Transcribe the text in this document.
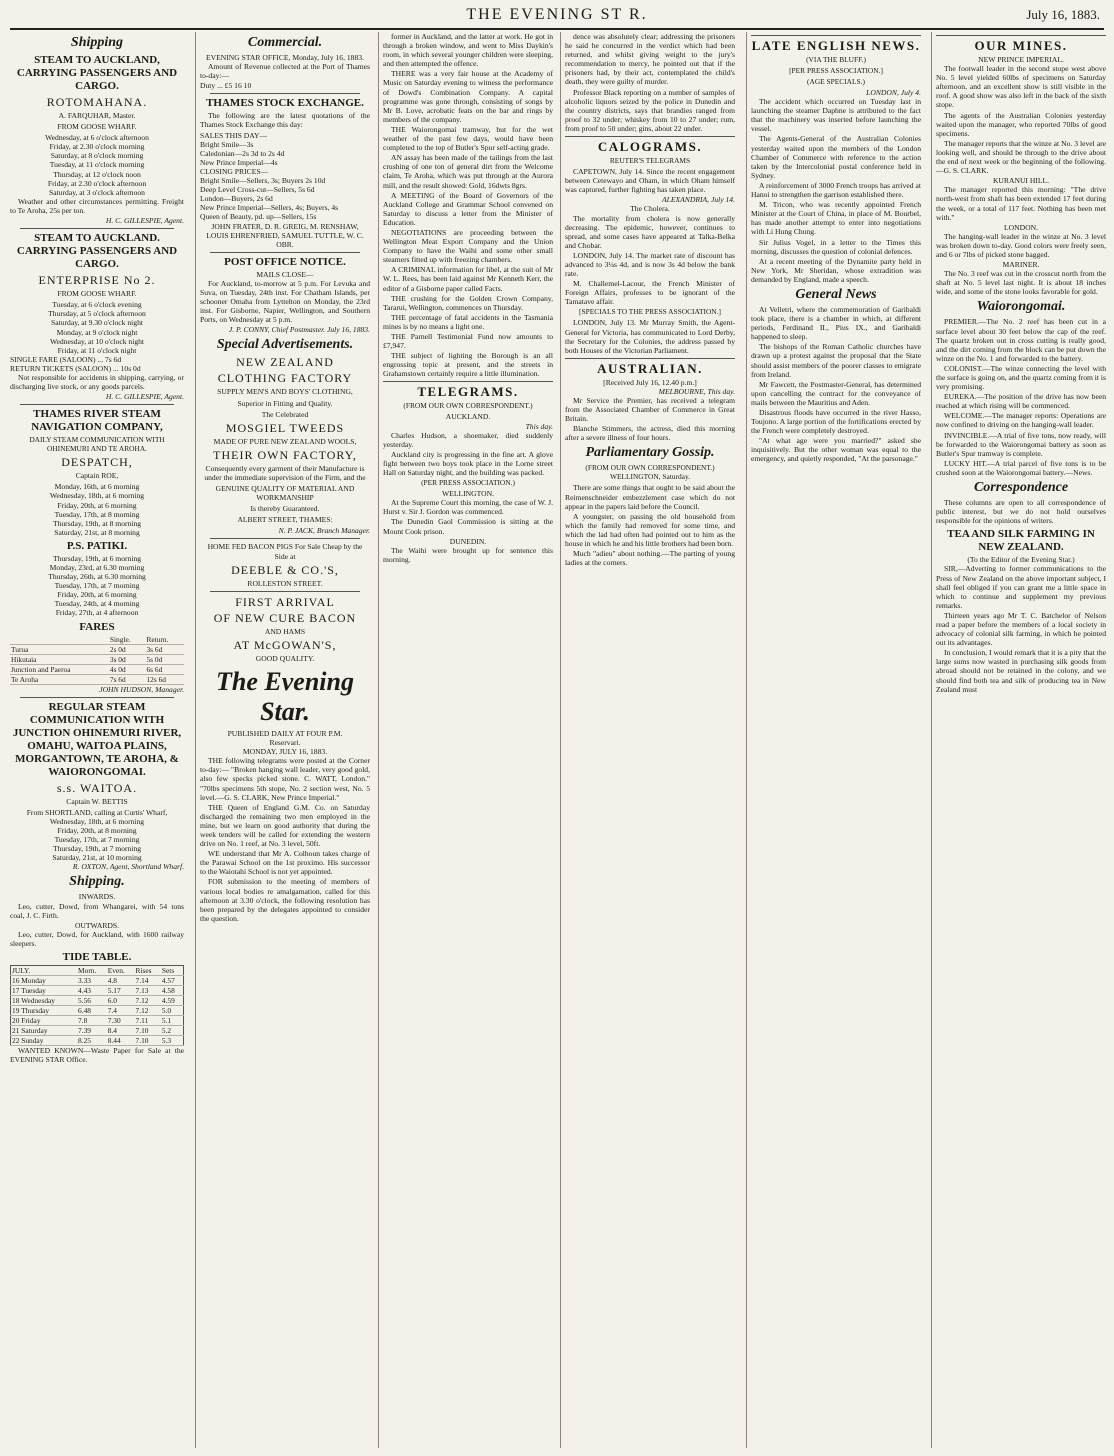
THE EVENING ST R.	July 16, 1883.
Shipping
STEAM TO AUCKLAND, CARRYING PASSENGERS AND CARGO.
ROTOMAHANA.
A. FARQUHAR, Master.
FROM GOOSE WHARF.
Wednesday, at 6 o'clock afternoon
Friday, at 2.30 o'clock morning
Saturday, at 8 o'clock morning
Tuesday, at 11 o'clock morning
Thursday, at 12 o'clock noon
Friday, at 2.30 o'clock afternoon
Saturday, at 3 o'clock afternoon
Weather and other circumstances permitting. Freight to Te Aroha, 25s per ton.
H. C. GILLESPIE, Agent.
STEAM TO AUCKLAND. CARRYING PASSENGERS AND CARGO.
ENTERPRISE No 2.
FROM GOOSE WHARF.
Tuesday, at 6 o'clock evening
Thursday, at 5 o'clock afternoon
Saturday, at 9.30 o'clock night
Monday, at 9 o'clock night
Wednesday, at 10 o'clock night
Friday, at 11 o'clock night
SINGLE FARE (SALOON) ... 7s 6d
RETURN TICKETS (SALOON) ... 10s 0d
Not responsible for accidents in shipping, carrying, or discharging live stock, or any goods parcels.
H. C. GILLESPIE, Agent.
THAMES RIVER STEAM NAVIGATION COMPANY,
DAILY STEAM COMMUNICATION WITH OHINEMURI AND TE AROHA.
DESPATCH,
Captain ROE,
Monday, 16th, at 6 morning
Wednesday, 18th, at 6 morning
Friday, 20th, at 6 morning
Tuesday, 17th, at 8 morning
Thursday, 19th, at 8 morning
Saturday, 21st, at 8 morning
P.S. PATIKI.
Thursday, 19th, at 6 morning
Monday, 23rd, at 6.30 morning
Thursday, 26th, at 6.30 morning
Tuesday, 17th, at 7 morning
Friday, 20th, at 6 morning
Tuesday, 24th, at 4 morning
Friday, 27th, at 4 afternoon
FARES
	Single.	Return.
Turua	2s 0d	3s 6d
Hikutaia	3s 0d	5s 0d
Junction and Paeroa	4s 0d	6s 6d
Te Aroha	7s 6d	12s 6d
JOHN HUDSON, Manager.
REGULAR STEAM COMMUNICATION WITH JUNCTION OHINEMURI RIVER, OMAHU, WAITOA PLAINS, MORGANTOWN, TE AROHA, & WAIORONGOMAI.
s.s. WAITOA.
Captain W. BETTIS
From SHORTLAND, calling at Curtis' Wharf,
Wednesday, 18th, at 6 morning
Friday, 20th, at 8 morning
Tuesday, 17th, at 7 morning
Thursday, 19th, at 7 morning
Saturday, 21st, at 10 morning
R. OXTON, Agent, Shortland Wharf.
Shipping.
INWARDS.
Leo, cutter, Dowd, from Whangarei, with 54 tons coal, J. C. Firth.
OUTWARDS.
Leo, cutter, Dowd, for Auckland, with 1600 railway sleepers.
TIDE TABLE.
JULY.	Morn.	Even.	Rises	Sets
16 Monday	3.33	4.8	7.14	4.57
17 Tuesday	4.43	5.17	7.13	4.58
18 Wednesday	5.56	6.0	7.12	4.59
19 Thursday	6.48	7.4	7.12	5.0
20 Friday	7.8	7.30	7.11	5.1
21 Saturday	7.39	8.4	7.10	5.2
22 Sunday	8.25	8.44	7.10	5.3
WANTED KNOWN—Waste Paper for Sale at the EVENING STAR Office.
Commercial.
EVENING STAR OFFICE, Monday, July 16, 1883.
Amount of Revenue collected at the Port of Thames to-day:—
Duty ... £5 16 10
THAMES STOCK EXCHANGE.
The following are the latest quotations of the Thames Stock Exchange this day:
SALES THIS DAY—
Bright Smile—3s
Caledonian—2s 3d to 2s 4d
New Prince Imperial—4s
CLOSING PRICES—
Bright Smile—Sellers, 3s; Buyers 2s 10d
Deep Level Cross-cut—Sellers, 5s 6d
London—Buyers, 2s 6d
New Prince Imperial—Sellers, 4s; Buyers, 4s
Queen of Beauty, pd. up—Sellers, 15s
JOHN FRATER, D. R. GREIG, M. RENSHAW, LOUIS EHRENFRIED, SAMUEL TUTTLE, W. C. OBR.
POST OFFICE NOTICE.
MAILS CLOSE—
For Auckland, to-morrow at 5 p.m. For Levuka and Suva, on Tuesday, 24th inst. For Chatham Islands, per schooner Omaha from Lyttelton on Monday, the 23rd inst. For Gisborne, Napier, Wellington, and Southern Ports, on Wednesday at 5 p.m.
J. P. CONNY, Chief Postmaster. July 16, 1883.
Special Advertisements.
NEW ZEALAND
CLOTHING FACTORY
SUPPLY MEN'S AND BOYS' CLOTHING,
Superior in Fitting and Quality.
The Celebrated
MOSGIEL TWEEDS
MADE OF PURE NEW ZEALAND WOOLS,
THEIR OWN FACTORY,
Consequently every garment of their Manufacture is under the immediate supervision of the Firm, and the
GENUINE QUALITY OF MATERIAL AND WORKMANSHIP
Is thereby Guaranteed.
ALBERT STREET, THAMES:
N. P. JACK, Branch Manager.
HOME FED BACON PIGS For Sale Cheap by the Side at
DEEBLE & CO.'S,
ROLLESTON STREET.
FIRST ARRIVAL
OF NEW CURE BACON
AND HAMS
AT McGOWAN'S,
GOOD QUALITY.
The Evening Star.
PUBLISHED DAILY AT FOUR P.M.
Reservari.
MONDAY, JULY 16, 1883.
THE following telegrams were posted at the Corner to-day:— "Broken hanging wall leader, very good gold, also few specks picked stone. C. WATT, London." "70lbs specimens 5th stope, No. 2 section west, No. 5 level.—G. S. CLARK, New Prince Imperial."
THE Queen of England G.M. Co. on Saturday discharged the remaining two men employed in the mine, but we learn on good authority that during the week tenders will be called for extending the western drive on No. 1 reef, at No. 3 level, 50ft.
WE understand that Mr A. Colhoun takes charge of the Parawai School on the 1st proximo. His successor to the Waiotahi School is not yet appointed.
FOR submission to the meeting of members of various local bodies re amalgamation, called for this afternoon at 3.30 o'clock, the following resolution has been prepared by the delegates appointed to consider the question.
former in Auckland, and the latter at work. He got in through a broken window, and went to Miss Daykin's room, in which several younger children were sleeping, and then attempted the offence.
THERE was a very fair house at the Academy of Music on Saturday evening to witness the performance of Dowd's Combination Company. A capital programme was gone through, consisting of songs by Mr B. Love, acrobatic feats on the bar and rings by members of the company.
THE Waiorongomai tramway, but for the wet weather of the past few days, would have been completed to the top of Butler's Spur self-acting grade.
AN assay has been made of the tailings from the last crushing of one ton of general dirt from the Welcome claim, Te Aroha, which was put through at the Aurora mill, and the result showed: Gold, 16dwts 8grs.
A MEETING of the Board of Governors of the Auckland College and Grammar School convened on Saturday to discuss a letter from the Minister of Education.
NEGOTIATIONS are proceeding between the Wellington Meat Export Company and the Union Company to have the Waihi and some other small steamers fitted up with freezing chambers.
A CRIMINAL information for libel, at the suit of Mr W. L. Rees, has been laid against Mr Kenneth Kerr, the editor of a Gisborne paper called Facts.
THE crushing for the Golden Crown Company, Tararui, Wellington, commences on Thursday.
THE percentage of fatal accidents in the Tasmania mines is by no means a light one.
THE Parnell Testimonial Fund now amounts to £7,947.
THE subject of lighting the Borough is an all engrossing topic at present, and the streets in Grahamstown certainly require a little illumination.
TELEGRAMS.
(FROM OUR OWN CORRESPONDENT.)
AUCKLAND.
This day.
Charles Hudson, a shoemaker, died suddenly yesterday.
Auckland city is progressing in the fine art. A glove fight between two boys took place in the Lorne street Hall on Saturday night, and the building was packed.
(PER PRESS ASSOCIATION.)
WELLINGTON.
At the Supreme Court this morning, the case of W. J. Hurst v. Sir J. Gordon was commenced.
The Dunedin Gaol Commission is sitting at the Mount Cook prison.
DUNEDIN.
The Waihi were brought up for sentence this morning.
dence was absolutely clear; addressing the prisoners he said he concurred in the verdict which had been returned, and whilst giving weight to the jury's recommendation to mercy, he pointed out that if the prisoners had, by their act, contemplated the child's death, they were guilty of murder.
Professor Black reporting on a number of samples of alcoholic liquors seized by the police in Dunedin and the country districts, says that brandies ranged from proof to 32 under; whiskey from 10 to 27 under; rum, from proof to 50 under; gins, about 22 under.
CALOGRAMS.
REUTER'S TELEGRAMS
CAPETOWN, July 14. Since the recent engagement between Cetewayo and Oham, in which Oham himself was captured, further fighting has taken place.
ALEXANDRIA, July 14.
The Cholera.
The mortality from cholera is now generally decreasing. The epidemic, however, continues to spread, and some cases have appeared at Talka-Belka and Chobar.
LONDON, July 14. The market rate of discount has advanced to 3¼s 4d, and is now 3s 4d below the bank rate.
M. Challemel-Lacour, the French Minister of Foreign Affairs, professes to be ignorant of the Tamatave affair.
[SPECIALS TO THE PRESS ASSOCIATION.]
LONDON, July 13. Mr Murray Smith, the Agent-General for Victoria, has communicated to Lord Derby, the Secretary for the Colonies, the address passed by both Houses of the Victorian Parliament.
AUSTRALIAN.
[Received July 16, 12.40 p.m.]
MELBOURNE, This day.
Mr Service the Premier, has received a telegram from the Associated Chamber of Commerce in Great Britain.
Blanche Stimmers, the actress, died this morning after a severe illness of four hours.
Parliamentary Gossip.
(FROM OUR OWN CORRESPONDENT.) WELLINGTON, Saturday.
There are some things that ought to be said about the Reimenschneider embezzlement case which do not appear in the papers laid before the Council.
A youngster, on passing the old household from which the family had removed for some time, and which the lad had often had pointed out to him as the house in which he and his little brothers had been born.
Much "adieu" about nothing.—The parting of young ladies at the corners.
LATE ENGLISH NEWS.
(VIA THE BLUFF.)
[PER PRESS ASSOCIATION.]
(AGE SPECIALS.)
LONDON, July 4.
The accident which occurred on Tuesday last in launching the steamer Daphne is attributed to the fact that the machinery was inserted before launching the vessel.
The Agents-General of the Australian Colonies yesterday waited upon the members of the London Chamber of Commerce with reference to the action taken by the Intercolonial postal conference held in Sydney.
A reinforcement of 3000 French troops has arrived at Hanoi to strengthen the garrison established there.
M. Tricon, who was recently appointed French Minister at the Court of China, in place of M. Bourbel, has made another attempt to enter into negotiations with Li Hung Chung.
Sir Julius Vogel, in a letter to the Times this morning, discusses the question of colonial defences.
At a recent meeting of the Dynamite party held in New York, Mr Sheridan, whose extradition was demanded by England, made a speech.
General News
At Velletri, where the commemoration of Garibaldi took place, there is a chamber in which, at different periods, Ferdinand II., Pius IX., and Garibaldi happened to sleep.
The bishops of the Roman Catholic churches have drawn up a protest against the proposal that the State should assist members of the poorer classes to emigrate from Ireland.
Mr Fawcett, the Postmaster-General, has determined upon cancelling the contract for the conveyance of mails between the Mauritius and Aden.
Disastrous floods have occurred in the river Hasso, Toujono. A large portion of the fortifications erected by the French were completely destroyed.
"At what age were you married?" asked she inquisitively. But the other woman was equal to the emergency, and quietly responded, "At the parsonage."
OUR MINES.
NEW PRINCE IMPERIAL.
The footwall leader in the second stope west above No. 5 level yielded 60lbs of specimens on Saturday afternoon, and an excellent show is still visible in the roof. A good show was also left in the back of the sixth stope.
The agents of the Australian Colonies yesterday waited upon the manager, who reported 70lbs of good specimens.
The manager reports that the winze at No. 3 level are looking well, and should be through to the drive about the end of next week or the beginning of the following.—G. S. CLARK.
KURANUI HILL.
The manager reported this morning: "The drive north-west from shaft has been extended 17 feet during the week, or a total of 117 feet. Nothing has been met with."
LONDON.
The hanging-wall leader in the winze at No. 3 level was broken down to-day. Good colors were freely seen, and 6 or 7lbs of picked stone bagged.
MARINER.
The No. 3 reef was cut in the crosscut north from the shaft at No. 5 level last night. It is about 18 inches wide, and some of the stone looks favorable for gold.
Waiorongomai.
PREMIER.—The No. 2 reef has been cut in a surface level about 30 feet below the cap of the reef. The quartz broken out in cross cutting is really good, and the dirt coming from the block can be put down the winze on the No. 1 and forwarded to the battery.
COLONIST.—The winze connecting the level with the surface is going on, and the quartz coming from it is very promising.
EUREKA.—The position of the drive has now been reached at which rising will be commenced.
WELCOME.—The manager reports: Operations are now confined to driving on the hanging-wall leader.
INVINCIBLE.—A trial of five tons, now ready, will be forwarded to the Waiorongomai battery as soon as Butler's Spur tramway is complete.
LUCKY HIT.—A trial parcel of five tons is to be crushed soon at the Waiorongomai battery.—News.
Correspondence
These columns are open to all correspondence of public interest, but we do not hold ourselves responsible for the opinions of writers.
TEA AND SILK FARMING IN NEW ZEALAND.
(To the Editor of the Evening Star.)
SIR,—Adverting to former communications to the Press of New Zealand on the above important subject, I shall feel obliged if you can grant me a little space in which to continue and supplement my previous remarks.
Thirteen years ago Mr T. C. Batchelor of Nelson read a paper before the members of a local society in advocacy of colonial silk farming, in which he pointed out its advantages.
In conclusion, I would remark that it is a pity that the large sums now wasted in purchasing silk goods from abroad should not be retained in the colony, and we should find both tea and silk of producing tea in New Zealand must
